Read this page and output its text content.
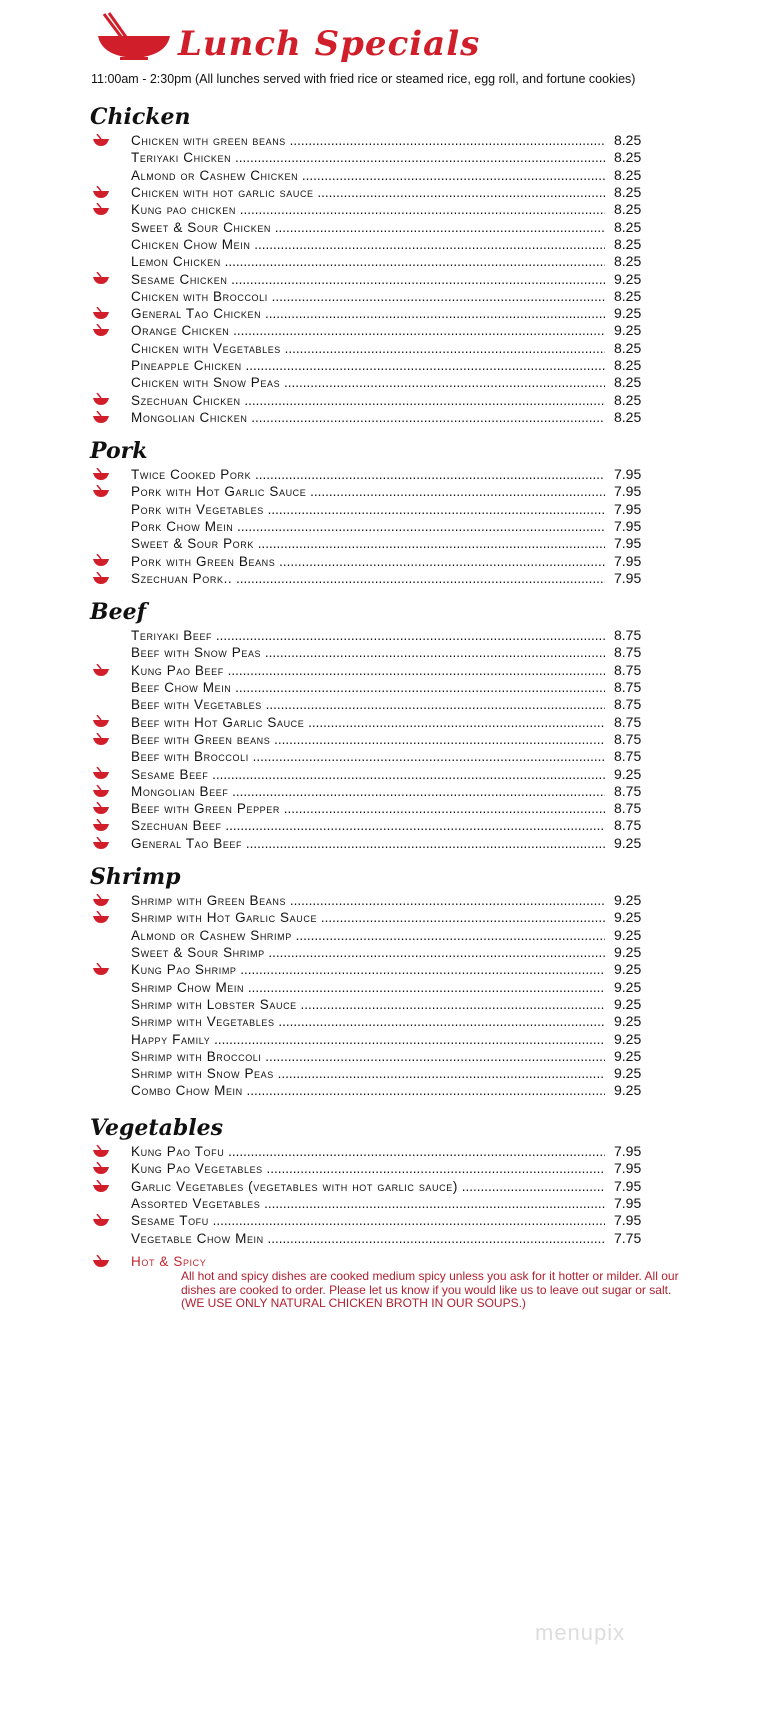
Lunch Specials
11:00am - 2:30pm (All lunches served with fried rice or steamed rice, egg roll, and fortune cookies)
Chicken
Chicken with green beans .....	8.25
Teriyaki Chicken .....	8.25
Almond or Cashew Chicken .....	8.25
Chicken with hot garlic sauce .....	8.25
Kung pao chicken .....	8.25
Sweet & Sour Chicken .....	8.25
Chicken Chow Mein .....	8.25
Lemon Chicken .....	8.25
Sesame Chicken .....	9.25
Chicken with Broccoli .....	8.25
General Tao Chicken .....	9.25
Orange Chicken .....	9.25
Chicken with Vegetables .....	8.25
Pineapple Chicken .....	8.25
Chicken with Snow Peas .....	8.25
Szechuan Chicken .....	8.25
Mongolian Chicken .....	8.25
Pork
Twice Cooked Pork .....	7.95
Pork with Hot Garlic Sauce .....	7.95
Pork with Vegetables .....	7.95
Pork Chow Mein .....	7.95
Sweet & Sour Pork .....	7.95
Pork with Green Beans .....	7.95
Szechuan Pork.. .....	7.95
Beef
Teriyaki Beef .....	8.75
Beef with Snow Peas .....	8.75
Kung Pao Beef .....	8.75
Beef Chow Mein .....	8.75
Beef with Vegetables .....	8.75
Beef with Hot Garlic Sauce .....	8.75
Beef with Green beans .....	8.75
Beef with Broccoli .....	8.75
Sesame Beef .....	9.25
Mongolian Beef .....	8.75
Beef with Green Pepper .....	8.75
Szechuan Beef .....	8.75
General Tao Beef .....	9.25
Shrimp
Shrimp with Green Beans .....	9.25
Shrimp with Hot Garlic Sauce .....	9.25
Almond or Cashew Shrimp .....	9.25
Sweet & Sour Shrimp .....	9.25
Kung Pao Shrimp .....	9.25
Shrimp Chow Mein .....	9.25
Shrimp with Lobster Sauce .....	9.25
Shrimp with Vegetables .....	9.25
Happy Family .....	9.25
Shrimp with Broccoli .....	9.25
Shrimp with Snow Peas .....	9.25
Combo Chow Mein .....	9.25
Vegetables
Kung Pao Tofu .....	7.95
Kung Pao Vegetables .....	7.95
Garlic Vegetables (vegetables with hot garlic sauce) .....	7.95
Assorted Vegetables .....	7.95
Sesame Tofu .....	7.95
Vegetable Chow Mein .....	7.75
Hot & Spicy
All hot and spicy dishes are cooked medium spicy unless you ask for it hotter or milder. All our dishes are cooked to order. Please let us know if you would like us to leave out sugar or salt. (WE USE ONLY NATURAL CHICKEN BROTH IN OUR SOUPS.)
menupix
